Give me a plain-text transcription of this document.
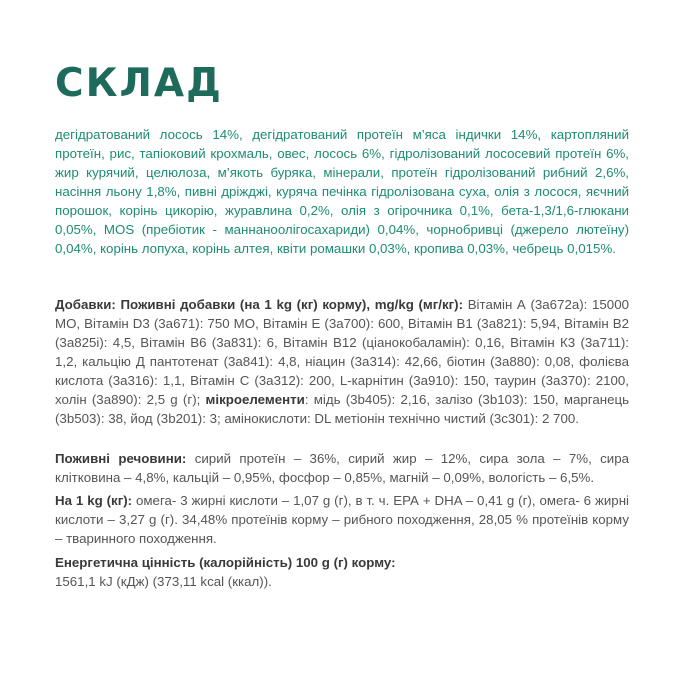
СКЛАД

дегідратований лосось 14%, дегідратований протеїн м’яса індички 14%, картопляний протеїн, рис, тапіоковий крохмаль, овес, лосось 6%, гідролізований лососевий протеїн 6%, жир курячий, целюлоза, м’якоть буряка, мінерали, протеїн гідролізований рибний 2,6%, насіння льону 1,8%, пивні дріжджі, куряча печінка гідролізована суха, олія з лосося, яєчний порошок, корінь цикорію, журавлина 0,2%, олія з огірочника 0,1%, бета-1,3/1,6-глюкани 0,05%, MOS (пребіотик - маннаноолігосахариди) 0,04%, чорнобривці (джерело лютеїну) 0,04%, корінь лопуха, корінь алтея, квіти ромашки 0,03%, кропива 0,03%, чебрець 0,015%.

Добавки: Поживні добавки (на 1 kg (кг) корму), mg/kg (мг/кг): Вітамін А (3а672а): 15000 МО, Вітамін D3 (3а671): 750 МО, Вітамін Е (3а700): 600, Вітамін В1 (3а821): 5,94, Вітамін В2 (3а825і): 4,5, Вітамін В6 (3а831): 6, Вітамін В12 (ціанокобаламін): 0,16, Вітамін К3 (3а711): 1,2, кальцію Д пантотенат (3а841): 4,8, ніацин (3а314): 42,66, біотин (3а880): 0,08, фолієва кислота (3а316): 1,1, Вітамін С (3а312): 200, L-карнітин (3а910): 150, таурин (3а370): 2100, холін (3а890): 2,5 g (г); мікроелементи: мідь (3b405): 2,16, залізо (3b103): 150, марганець (3b503): 38, йод (3b201): 3; амінокислоти: DL метіонін технічно чистий (3c301): 2 700.

Поживні речовини: сирий протеїн – 36%, сирий жир – 12%, сира зола – 7%, сира клітковина – 4,8%, кальцій – 0,95%, фосфор – 0,85%, магній – 0,09%, вологість – 6,5%.

На 1 kg (кг): омега- 3 жирні кислоти – 1,07 g (г), в т. ч. ЕРА + DHA – 0,41 g (г), омега- 6 жирні кислоти – 3,27 g (г). 34,48% протеїнів корму – рибного походження, 28,05 % протеїнів корму – тваринного походження.

Енергетична цінність (калорійність) 100 g (г) корму:
1561,1 kJ (кДж) (373,11 kcal (ккал)).
